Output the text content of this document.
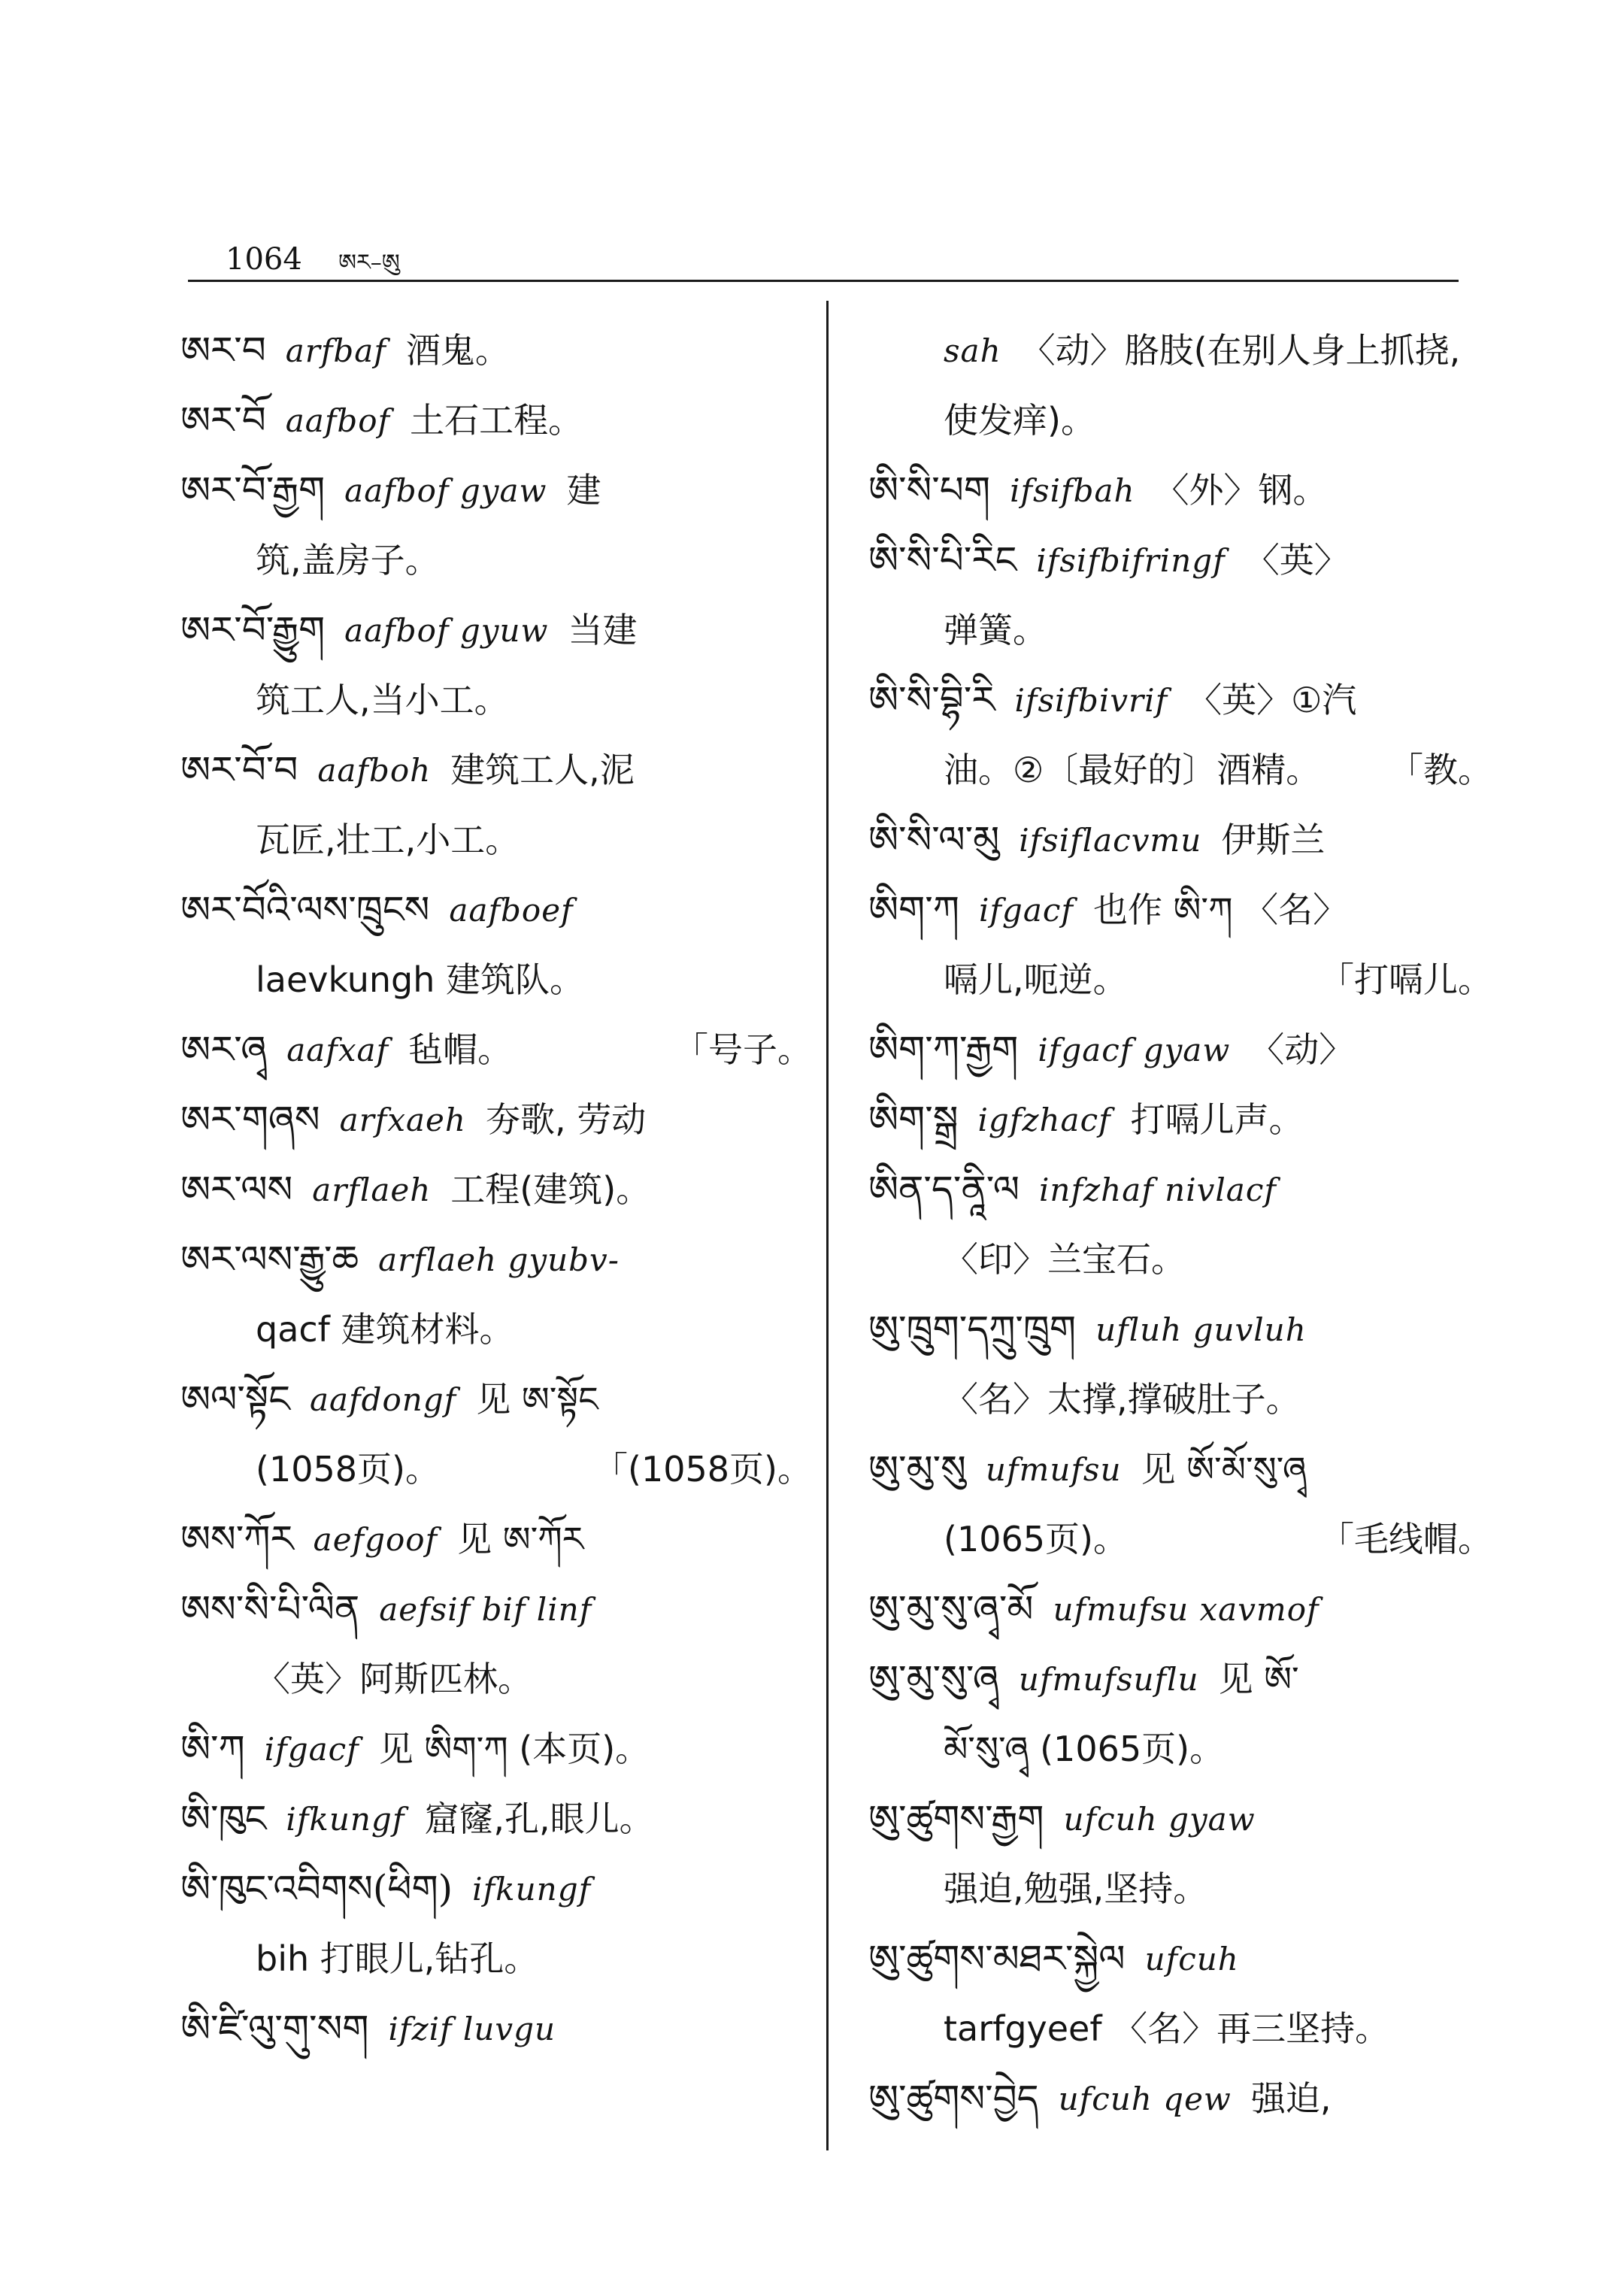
1064 ཨར–ཨུ
ཨར་བ arfbaf 酒鬼。
ཨར་བོ aafbof 土石工程。
ཨར་བོ་རྒྱག aafbof gyaw 建
筑,盖房子。
ཨར་བོ་རྒྱུག aafbof gyuw 当建
筑工人,当小工。
ཨར་བོ་བ aafboh 建筑工人,泥
瓦匠,壮工,小工。
ཨར་བོའི་ལས་ཁྲུངས aafboef
laevkungh 建筑队。
ཨར་ཞྭ aafxaf 毡帽。	「号子。
ཨར་གཞས arfxaeh 夯歌, 劳动
ཨར་ལས arflaeh 工程(建筑)。
ཨར་ལས་རྒྱུ་ཆ arflaeh gyubv-
qacf 建筑材料。
ཨལ་སྟོང aafdongf 见 ཨ་སྟོང
(1058页)。	「(1058页)。
ཨས་ཀོར aefgoof 见 ཨ་ཀོར
ཨས་སི་པི་ལིན aefsif bif linf
〈英〉阿斯匹林。
ཨི་ཀ ifgacf 见 ཨིག་ཀ (本页)。
ཨི་ཁུང ifkungf 窟窿,孔,眼儿。
ཨི་ཁུང་འབིགས(ཕིག) ifkungf
bih 打眼儿,钻孔。
ཨི་ཛི་ལུ་གུ་སག ifzif luvgu
sah 〈动〉胳肢(在别人身上抓挠,
使发痒)。
ཨི་སི་པག ifsifbah 〈外〉钢。
ཨི་སི་པི་རིང ifsifbifringf 〈英〉
弹簧。
ཨི་སི་བྷི་རི ifsifbivrif 〈英〉①汽
油。②〔最好的〕酒精。 「教。
ཨི་སི་ལ་མུ ifsiflacvmu 伊斯兰
ཨིག་ཀ ifgacf 也作 ཨི་ཀ 〈名〉
嗝儿,呃逆。	「打嗝儿。
ཨིག་ཀ་རྒྱག ifgacf gyaw 〈动〉
ཨིག་སྒྲ igfzhacf 打嗝儿声。
ཨིན་ད་ནཱི་ལ infzhaf nivlacf
〈印〉兰宝石。
ཨུ་ཁྲུག་དཀྲུ་ཁྲུག ufluh guvluh
〈名〉太撑,撑破肚子。
ཨུ་མུ་སུ ufmufsu 见 ཨོ་མོ་སུ་ཞྭ
(1065页)。	「毛线帽。
ཨུ་མུ་སུ་ཞྭ་མོ ufmufsu xavmof
ཨུ་མུ་སུ་ཞྭ ufmufsuflu 见 ཨོ་
མོ་སུ་ཞྭ (1065页)。
ཨུ་ཚུགས་རྒྱག ufcuh gyaw
强迫,勉强,坚持。
ཨུ་ཚུགས་མཐར་སྐྱེལ ufcuh
tarfgyeef 〈名〉再三坚持。
ཨུ་ཚུགས་བྱེད ufcuh qew 强迫,
